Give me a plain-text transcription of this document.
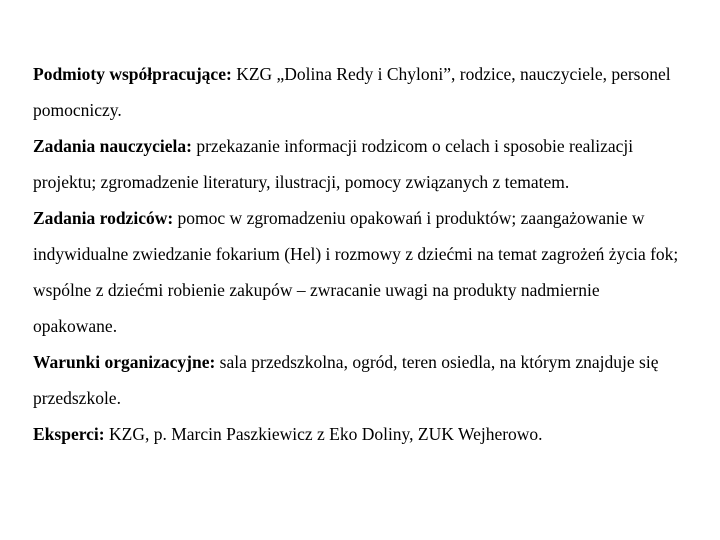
Podmioty współpracujące: KZG „Dolina Redy i Chyloni”, rodzice, nauczyciele, personel pomocniczy.

Zadania nauczyciela: przekazanie informacji rodzicom o celach i sposobie realizacji projektu; zgromadzenie literatury, ilustracji, pomocy związanych z tematem.

Zadania rodziców: pomoc w zgromadzeniu opakowań i produktów; zaangażowanie w indywidualne zwiedzanie fokarium (Hel) i rozmowy z dziećmi na temat zagrożeń życia fok; wspólne z dziećmi robienie zakupów – zwracanie uwagi na produkty nadmiernie opakowane.

Warunki organizacyjne: sala przedszkolna, ogród, teren osiedla, na którym znajduje się przedszkole.

Eksperci: KZG, p. Marcin Paszkiewicz z Eko Doliny, ZUK Wejherowo.
